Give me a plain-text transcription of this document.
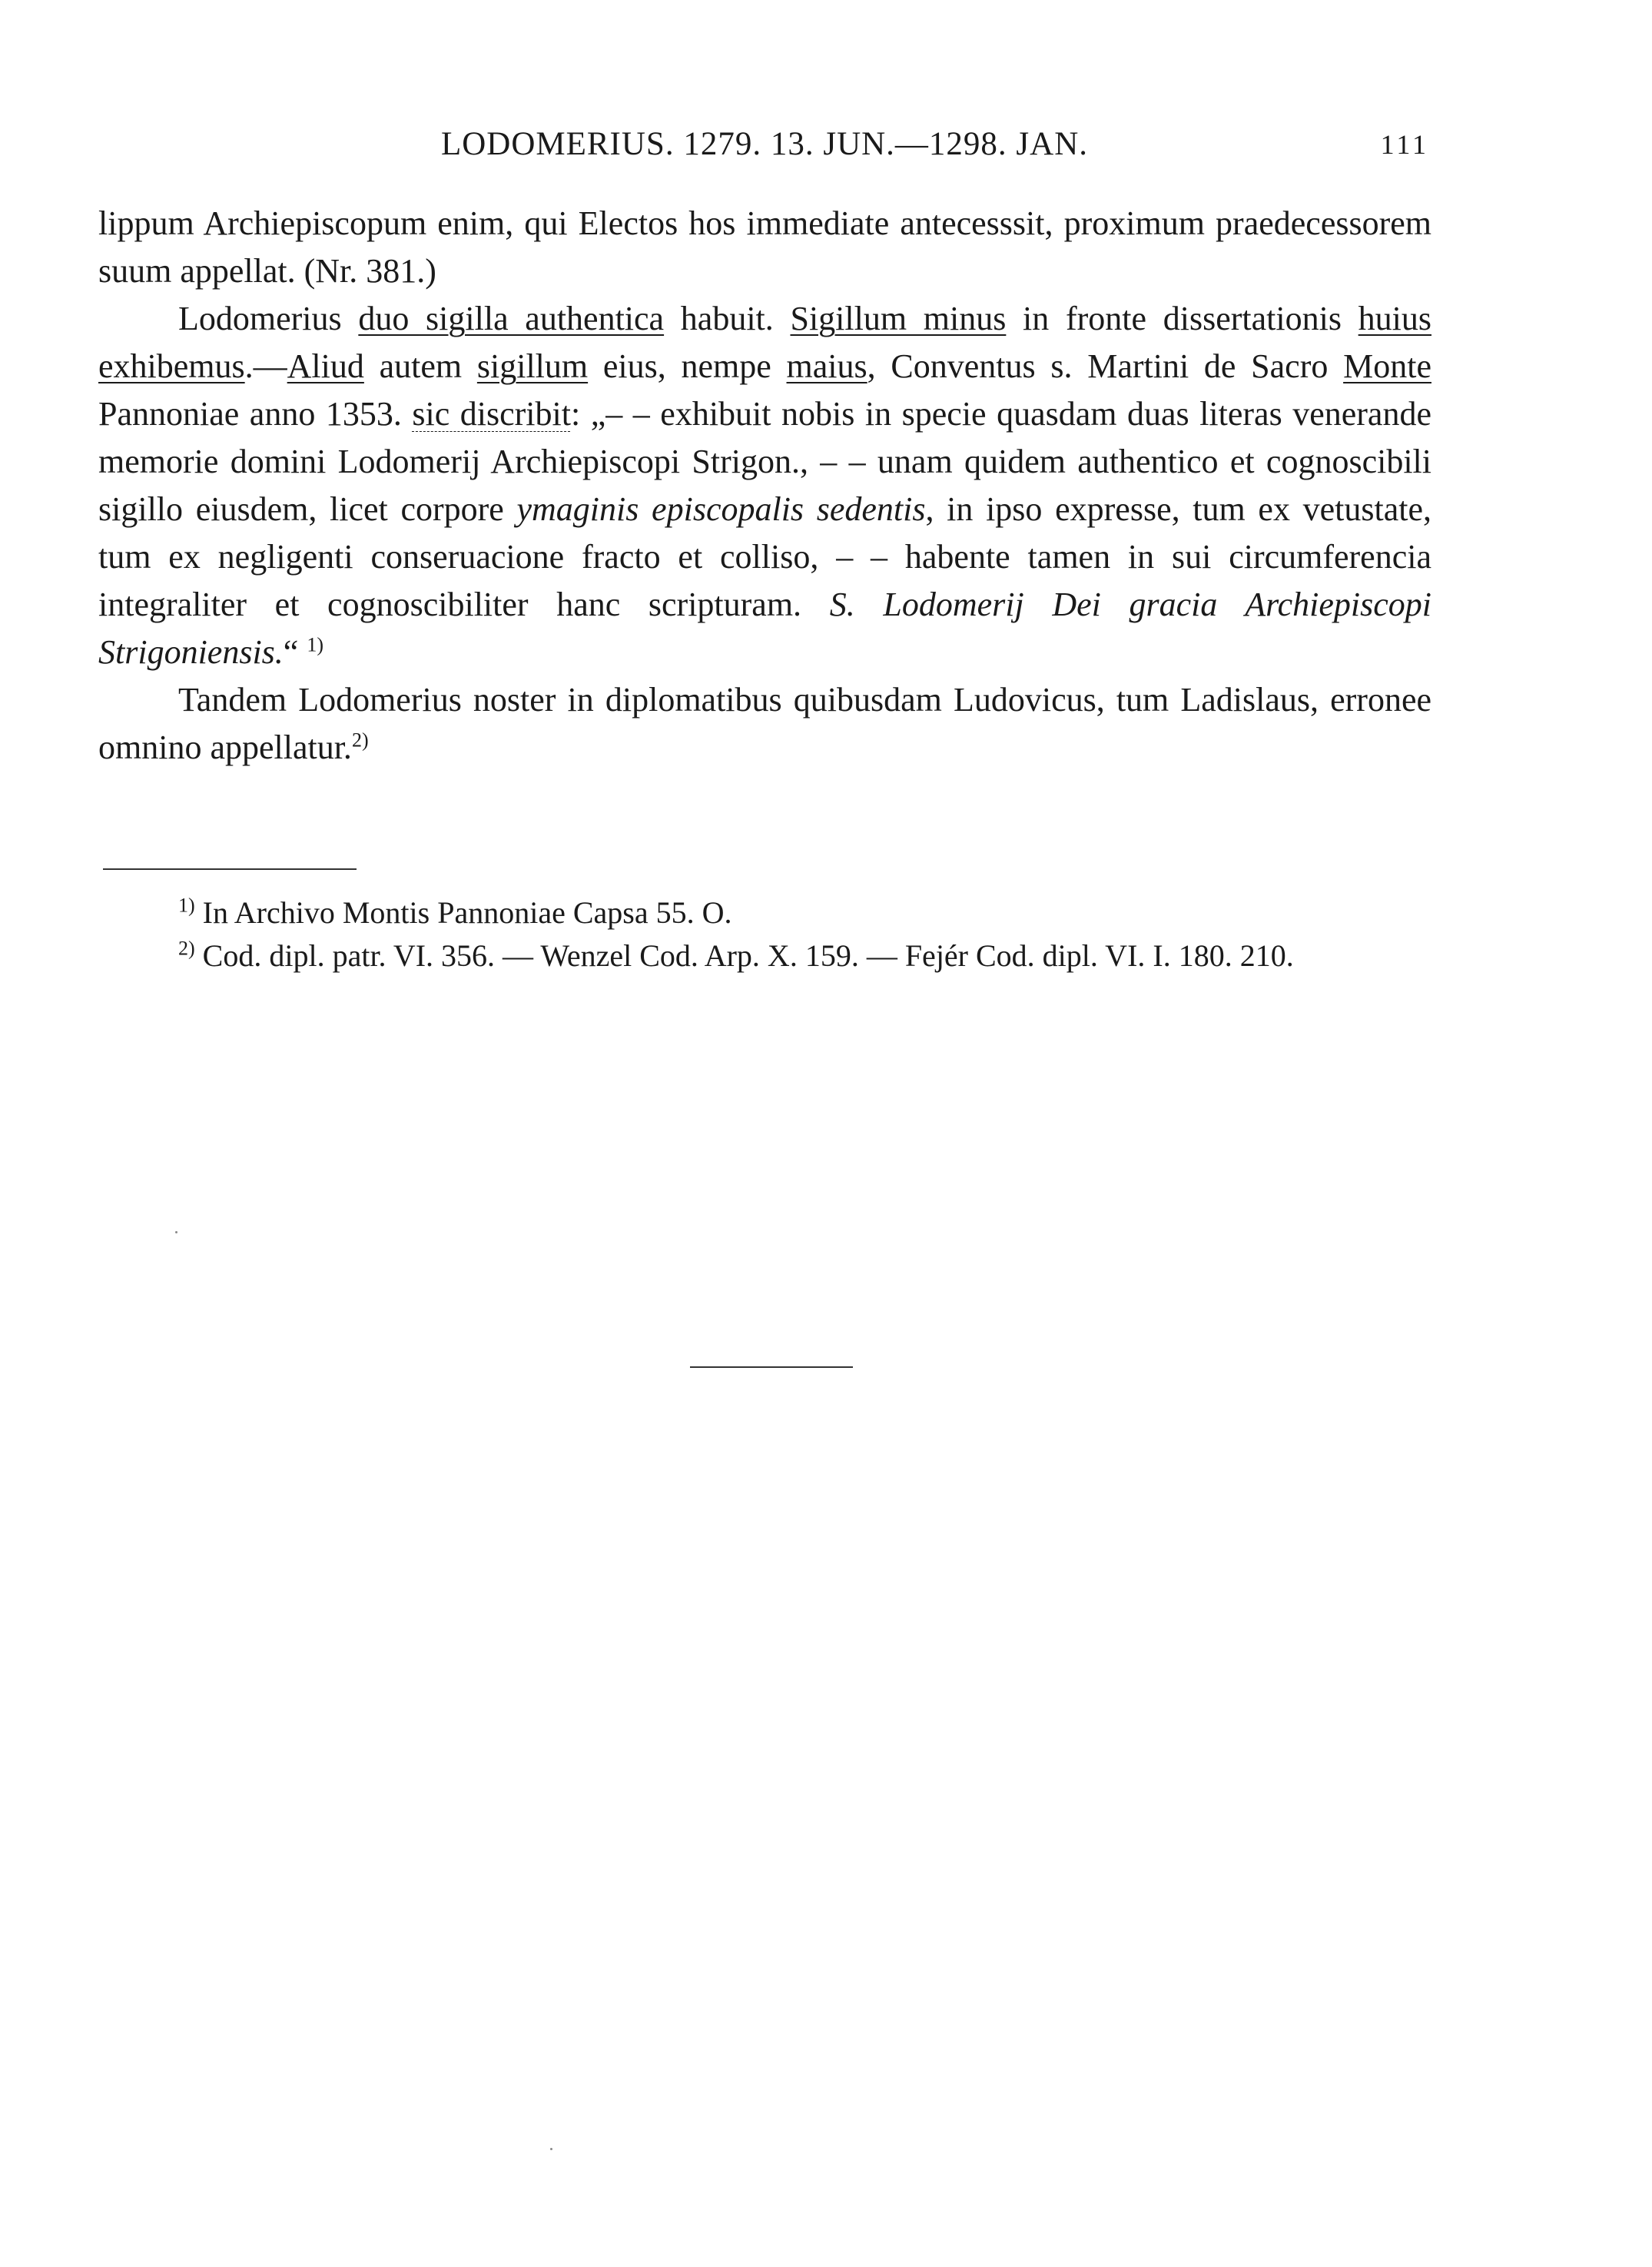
LODOMERIUS. 1279. 13. JUN.—1298. JAN.	111

lippum Archiepiscopum enim, qui Electos hos immediate antecesssit, proximum praedecessorem suum appellat. (Nr. 381.)

Lodomerius duo sigilla authentica habuit. Sigillum minus in fronte dissertationis huius exhibemus.—Aliud autem sigillum eius, nempe maius, Conventus s. Martini de Sacro Monte Pannoniae anno 1353. sic discribit: „– – exhibuit nobis in specie quasdam duas literas venerande memorie domini Lodomerij Archiepiscopi Strigon., – – unam quidem authentico et cognoscibili sigillo eiusdem, licet corpore ymaginis episcopalis sedentis, in ipso expresse, tum ex vetustate, tum ex negligenti conseruacione fracto et colliso, – – habente tamen in sui circumferencia integraliter et cognoscibiliter hanc scripturam. S. Lodomerij Dei gracia Archiepiscopi Strigoniensis.“ $^{1)}$

Tandem Lodomerius noster in diplomatibus quibusdam Ludovicus, tum Ladislaus, erronee omnino appellatur.$^{2)}$

$^{1)}$ In Archivo Montis Pannoniae Capsa 55. O.

$^{2)}$ Cod. dipl. patr. VI. 356. — Wenzel Cod. Arp. X. 159. — Fejér Cod. dipl. VI. I. 180. 210.
